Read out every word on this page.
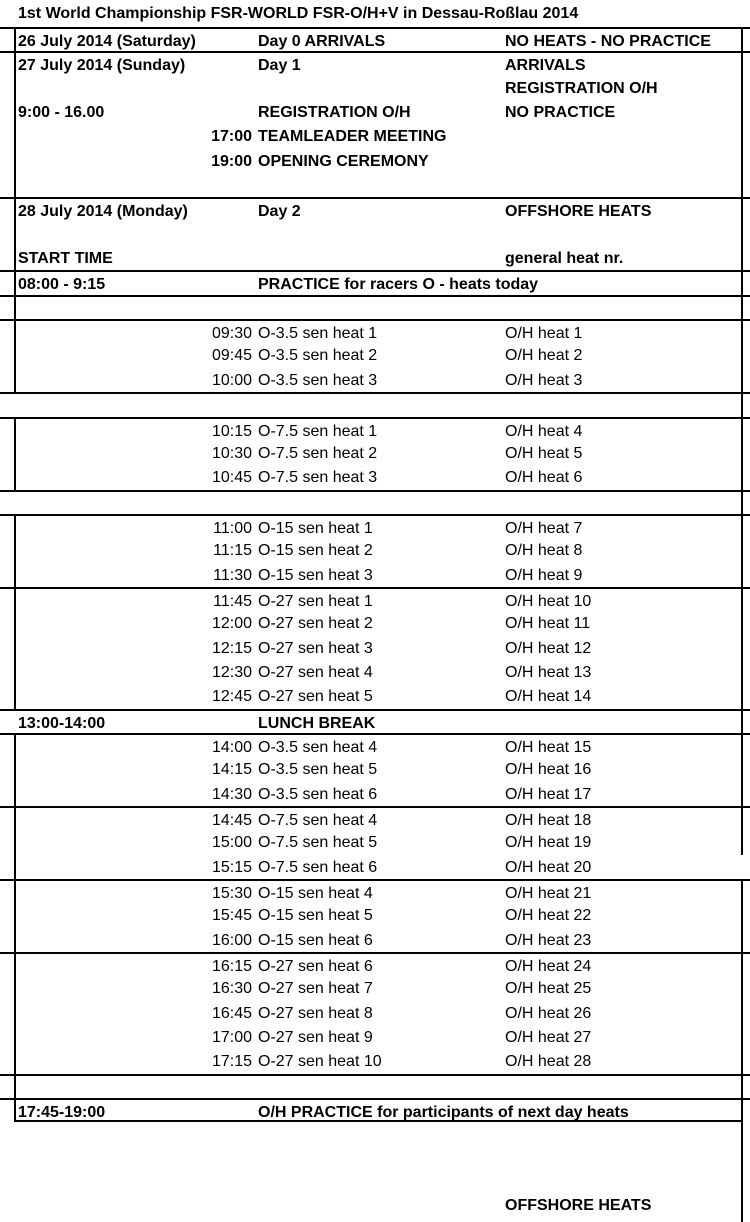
1st World Championship FSR-WORLD FSR-O/H+V in Dessau-Roßlau 2014
26 July 2014 (Saturday)	Day 0 ARRIVALS	NO HEATS - NO PRACTICE
27 July 2014 (Sunday)	Day 1	ARRIVALS
REGISTRATION O/H
9:00 - 16.00	REGISTRATION O/H	NO PRACTICE
17:00 TEAMLEADER MEETING
19:00 OPENING CEREMONY
28 July 2014 (Monday)	Day 2	OFFSHORE HEATS
START TIME	general heat nr.
08:00 - 9:15	PRACTICE for racers O - heats today
09:30 O-3.5 sen heat 1	O/H heat 1
09:45 O-3.5 sen heat 2	O/H heat 2
10:00 O-3.5 sen heat 3	O/H heat 3
10:15 O-7.5 sen heat 1	O/H heat 4
10:30 O-7.5 sen heat 2	O/H heat 5
10:45 O-7.5 sen heat 3	O/H heat 6
11:00 O-15 sen heat 1	O/H heat 7
11:15 O-15 sen heat 2	O/H heat 8
11:30 O-15 sen heat 3	O/H heat 9
11:45 O-27 sen heat 1	O/H heat 10
12:00 O-27 sen heat 2	O/H heat 11
12:15 O-27 sen heat 3	O/H heat 12
12:30 O-27 sen heat 4	O/H heat 13
12:45 O-27 sen heat 5	O/H heat 14
13:00-14:00	LUNCH BREAK
14:00 O-3.5 sen heat 4	O/H heat 15
14:15 O-3.5 sen heat 5	O/H heat 16
14:30 O-3.5 sen heat 6	O/H heat 17
14:45 O-7.5 sen heat 4	O/H heat 18
15:00 O-7.5 sen heat 5	O/H heat 19
15:15 O-7.5 sen heat 6	O/H heat 20
15:30 O-15 sen heat 4	O/H heat 21
15:45 O-15 sen heat 5	O/H heat 22
16:00 O-15 sen heat 6	O/H heat 23
16:15 O-27 sen heat 6	O/H heat 24
16:30 O-27 sen heat 7	O/H heat 25
16:45 O-27 sen heat 8	O/H heat 26
17:00 O-27 sen heat 9	O/H heat 27
17:15 O-27 sen heat 10	O/H heat 28
17:45-19:00	O/H PRACTICE for participants of next day heats
OFFSHORE HEATS
